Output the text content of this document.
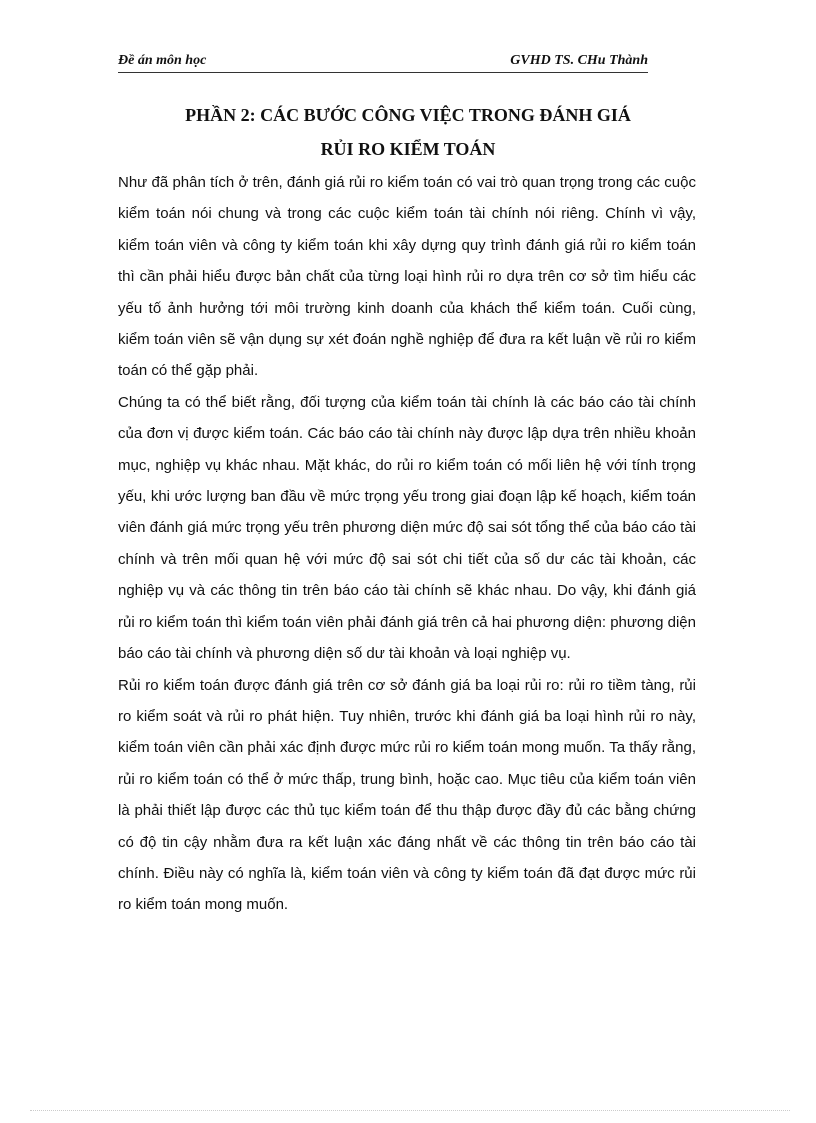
Đề án môn học	GVHD TS. CHu Thành
PHẦN 2: CÁC BƯỚC CÔNG VIỆC TRONG ĐÁNH GIÁ
RỦI RO KIỂM TOÁN

Như đã phân tích ở trên, đánh giá rủi ro kiểm toán có vai trò quan trọng trong các cuộc kiểm toán nói chung và trong các cuộc kiểm toán tài chính nói riêng. Chính vì vậy, kiểm toán viên và công ty kiểm toán khi xây dựng quy trình đánh giá rủi ro kiểm toán thì cần phải hiểu được bản chất của từng loại hình rủi ro dựa trên cơ sở tìm hiểu các yếu tố ảnh hưởng tới môi trường kinh doanh của khách thể kiểm toán. Cuối cùng, kiểm toán viên sẽ vận dụng sự xét đoán nghề nghiệp để đưa ra kết luận về rủi ro kiểm toán có thể gặp phải.

Chúng ta có thể biết rằng, đối tượng của kiểm toán tài chính là các báo cáo tài chính của đơn vị được kiểm toán. Các báo cáo tài chính này được lập dựa trên nhiều khoản mục, nghiệp vụ khác nhau. Mặt khác, do rủi ro kiểm toán có mối liên hệ với tính trọng yếu, khi ước lượng ban đầu về mức trọng yếu trong giai đoạn lập kế hoạch, kiểm toán viên đánh giá mức trọng yếu trên phương diện mức độ sai sót tổng thể của báo cáo tài chính và trên mối quan hệ với mức độ sai sót chi tiết của số dư các tài khoản, các nghiệp vụ và các thông tin trên báo cáo tài chính sẽ khác nhau. Do vậy, khi đánh giá rủi ro kiểm toán thì kiểm toán viên phải đánh giá trên cả hai phương diện: phương diện báo cáo tài chính và phương diện số dư tài khoản và loại nghiệp vụ.

Rủi ro kiểm toán được đánh giá trên cơ sở đánh giá ba loại rủi ro: rủi ro tiềm tàng, rủi ro kiểm soát và rủi ro phát hiện. Tuy nhiên, trước khi đánh giá ba loại hình rủi ro này, kiểm toán viên cần phải xác định được mức rủi ro kiểm toán mong muốn. Ta thấy rằng, rủi ro kiểm toán có thể ở mức thấp, trung bình, hoặc cao. Mục tiêu của kiểm toán viên là phải thiết lập được các thủ tục kiểm toán để thu thập được đầy đủ các bằng chứng có độ tin cậy nhằm đưa ra kết luận xác đáng nhất về các thông tin trên báo cáo tài chính. Điều này có nghĩa là, kiểm toán viên và công ty kiểm toán đã đạt được mức rủi ro kiểm toán mong muốn.
